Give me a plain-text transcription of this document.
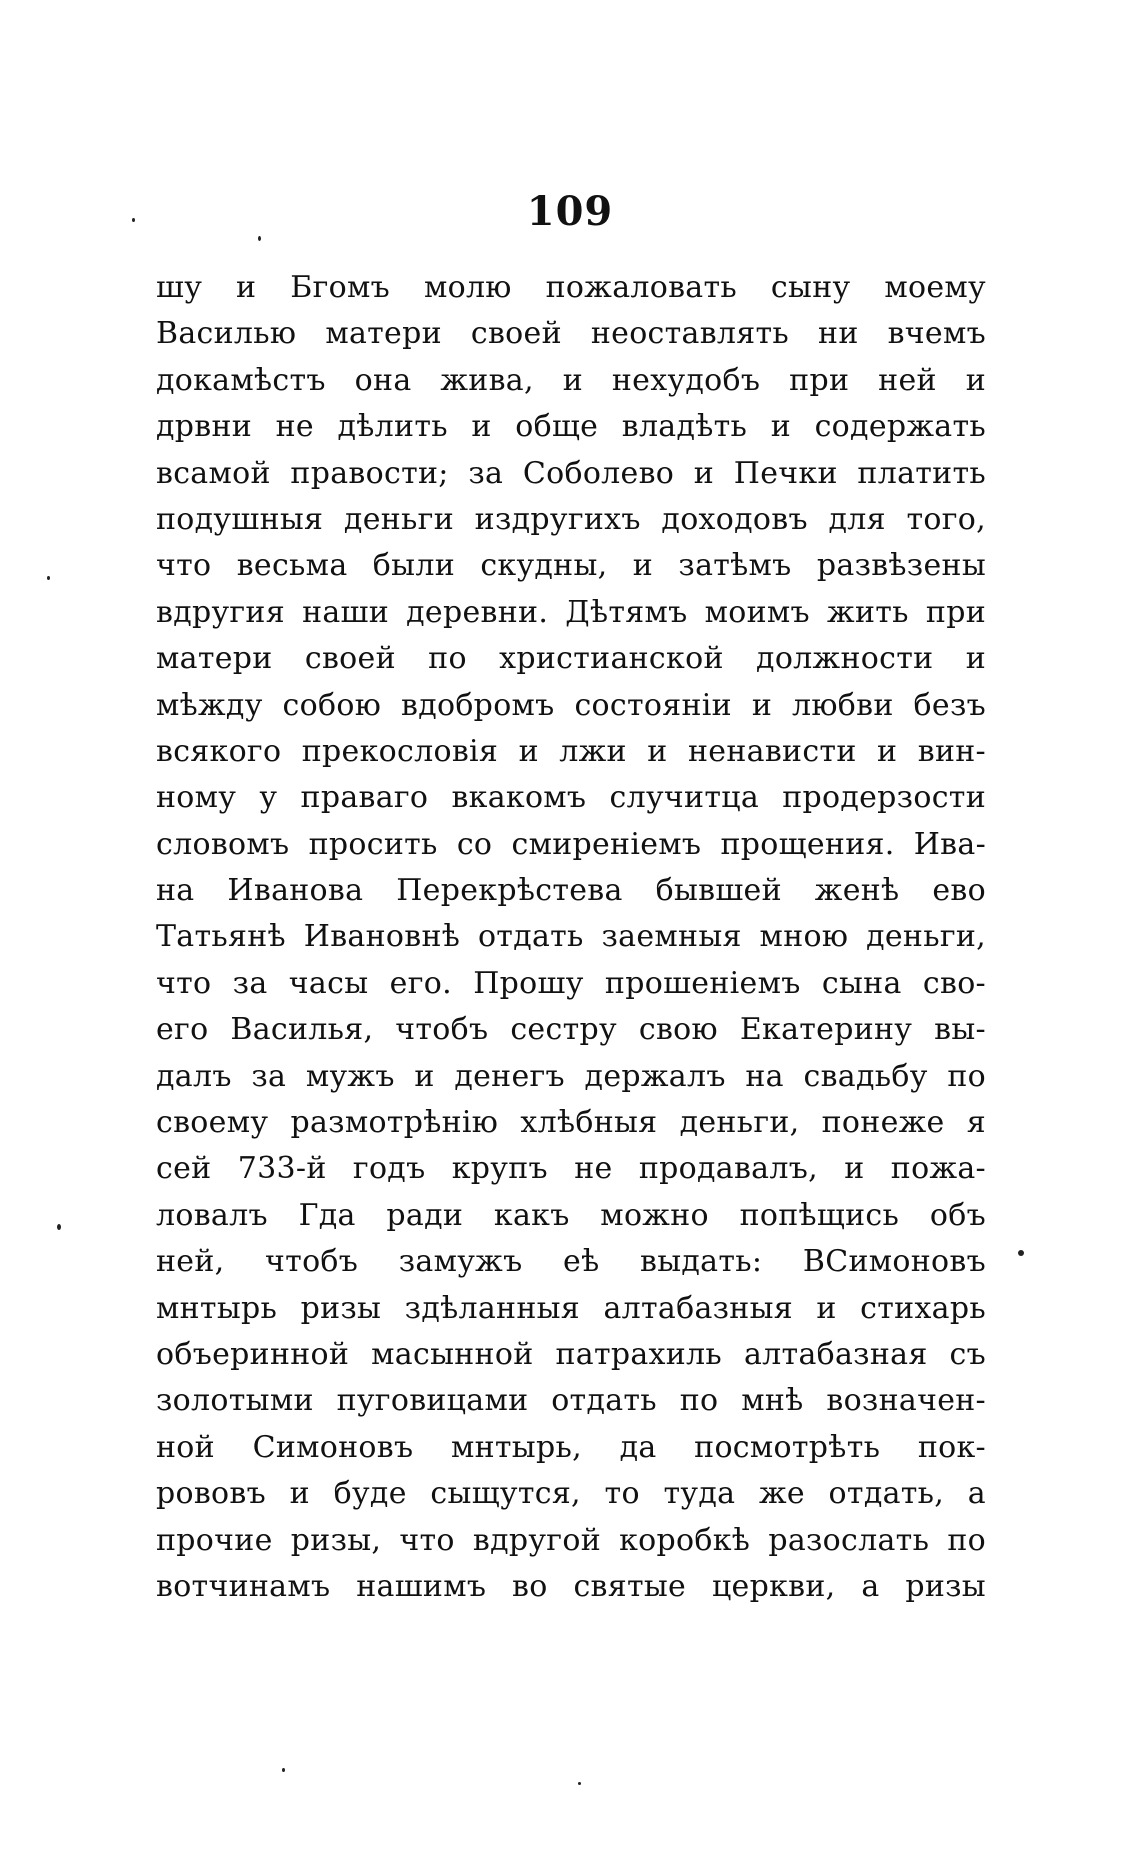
109
шу и Бгомъ молю пожаловать сыну моему
Василью матери своей неоставлять ни вчемъ
докамѣстъ она жива, и нехудобъ при ней и
дрвни не дѣлить и обще владѣть и содержать
всамой правости; за Соболево и Печки платить
подушныя деньги издругихъ доходовъ для того,
что весьма были скудны, и затѣмъ развѣзены
вдругия наши деревни. Дѣтямъ моимъ жить при
матери своей по христианской должности и
мѣжду собою вдобромъ состояніи и любви безъ
всякого прекословія и лжи и ненависти и вин-
ному у праваго вкакомъ случитца продерзости
словомъ просить со смиреніемъ прощения. Ива-
на Иванова Перекрѣстева бывшей женѣ ево
Татьянѣ Ивановнѣ отдать заемныя мною деньги,
что за часы его. Прошу прошеніемъ сына сво-
его Василья, чтобъ сестру свою Екатерину вы-
далъ за мужъ и денегъ держалъ на свадьбу по
своему размотрѣнію хлѣбныя деньги, понеже я
сей 733-й годъ крупъ не продавалъ, и пожа-
ловалъ Гда ради какъ можно попѣщись объ
ней, чтобъ замужъ еѣ выдать: ВСимоновъ
мнтырь ризы здѣланныя алтабазныя и стихарь
объеринной масынной патрахиль алтабазная съ
золотыми пуговицами отдать по мнѣ возначен-
ной Симоновъ мнтырь, да посмотрѣть пок-
рововъ и буде сыщутся, то туда же отдать, а
прочие ризы, что вдругой коробкѣ разослать по
вотчинамъ нашимъ во святые церкви, а ризы
